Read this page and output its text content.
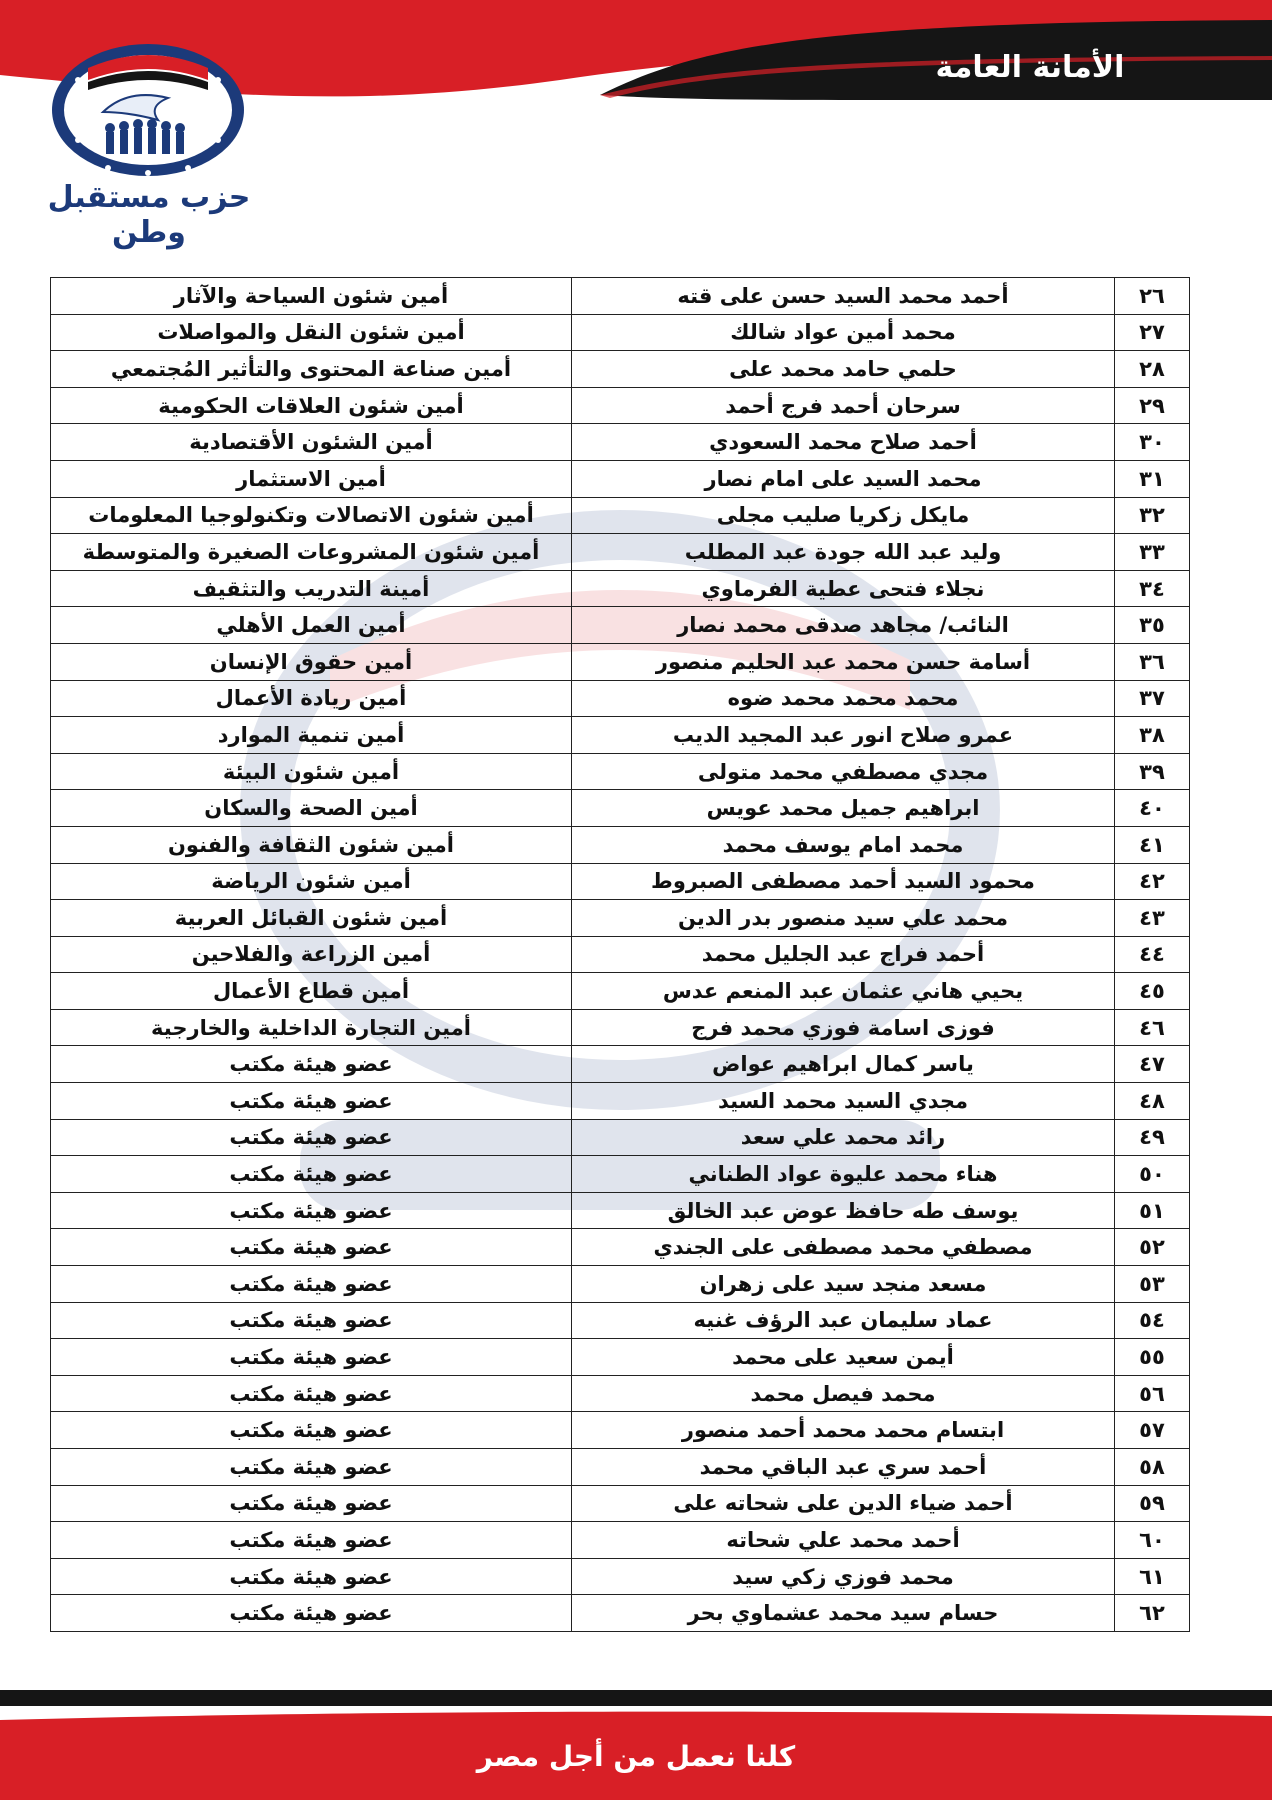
الأمانة العامة
حزب مستقبل وطن
٢٦	أحمد محمد السيد حسن على قته	أمين شئون السياحة والآثار
٢٧	محمد أمين عواد شالك	أمين شئون النقل والمواصلات
٢٨	حلمي حامد محمد على	أمين صناعة المحتوى والتأثير المُجتمعي
٢٩	سرحان أحمد فرج أحمد	أمين شئون العلاقات الحكومية
٣٠	أحمد صلاح محمد السعودي	أمين الشئون الأقتصادية
٣١	محمد السيد على امام نصار	أمين الاستثمار
٣٢	مايكل زكريا صليب مجلى	أمين شئون الاتصالات وتكنولوجيا المعلومات
٣٣	وليد عبد الله جودة عبد المطلب	أمين شئون المشروعات الصغيرة والمتوسطة
٣٤	نجلاء فتحى عطية الفرماوي	أمينة التدريب والتثقيف
٣٥	النائب/ مجاهد صدقى محمد نصار	أمين العمل الأهلي
٣٦	أسامة حسن محمد عبد الحليم منصور	أمين حقوق الإنسان
٣٧	محمد محمد محمد ضوه	أمين ريادة الأعمال
٣٨	عمرو صلاح انور عبد المجيد الديب	أمين تنمية الموارد
٣٩	مجدي مصطفي محمد متولى	أمين شئون البيئة
٤٠	ابراهيم جميل محمد عويس	أمين الصحة والسكان
٤١	محمد امام يوسف محمد	أمين شئون الثقافة والفنون
٤٢	محمود السيد أحمد مصطفى الصبروط	أمين شئون الرياضة
٤٣	محمد علي سيد منصور بدر الدين	أمين شئون القبائل العربية
٤٤	أحمد فراج عبد الجليل محمد	أمين الزراعة والفلاحين
٤٥	يحيي هاني عثمان عبد المنعم عدس	أمين قطاع الأعمال
٤٦	فوزى اسامة فوزي محمد فرج	أمين التجارة الداخلية والخارجية
٤٧	ياسر كمال ابراهيم عواض	عضو هيئة مكتب
٤٨	مجدي السيد محمد السيد	عضو هيئة مكتب
٤٩	رائد محمد علي سعد	عضو هيئة مكتب
٥٠	هناء محمد عليوة عواد الطناني	عضو هيئة مكتب
٥١	يوسف طه حافظ عوض عبد الخالق	عضو هيئة مكتب
٥٢	مصطفي محمد مصطفى على الجندي	عضو هيئة مكتب
٥٣	مسعد منجد سيد على زهران	عضو هيئة مكتب
٥٤	عماد سليمان عبد الرؤف غنيه	عضو هيئة مكتب
٥٥	أيمن سعيد على محمد	عضو هيئة مكتب
٥٦	محمد فيصل محمد	عضو هيئة مكتب
٥٧	ابتسام محمد محمد أحمد منصور	عضو هيئة مكتب
٥٨	أحمد سري عبد الباقي محمد	عضو هيئة مكتب
٥٩	أحمد ضياء الدين على شحاته على	عضو هيئة مكتب
٦٠	أحمد محمد علي شحاته	عضو هيئة مكتب
٦١	محمد فوزي زكي سيد	عضو هيئة مكتب
٦٢	حسام سيد محمد عشماوي بحر	عضو هيئة مكتب
كلنا نعمل من أجل مصر
